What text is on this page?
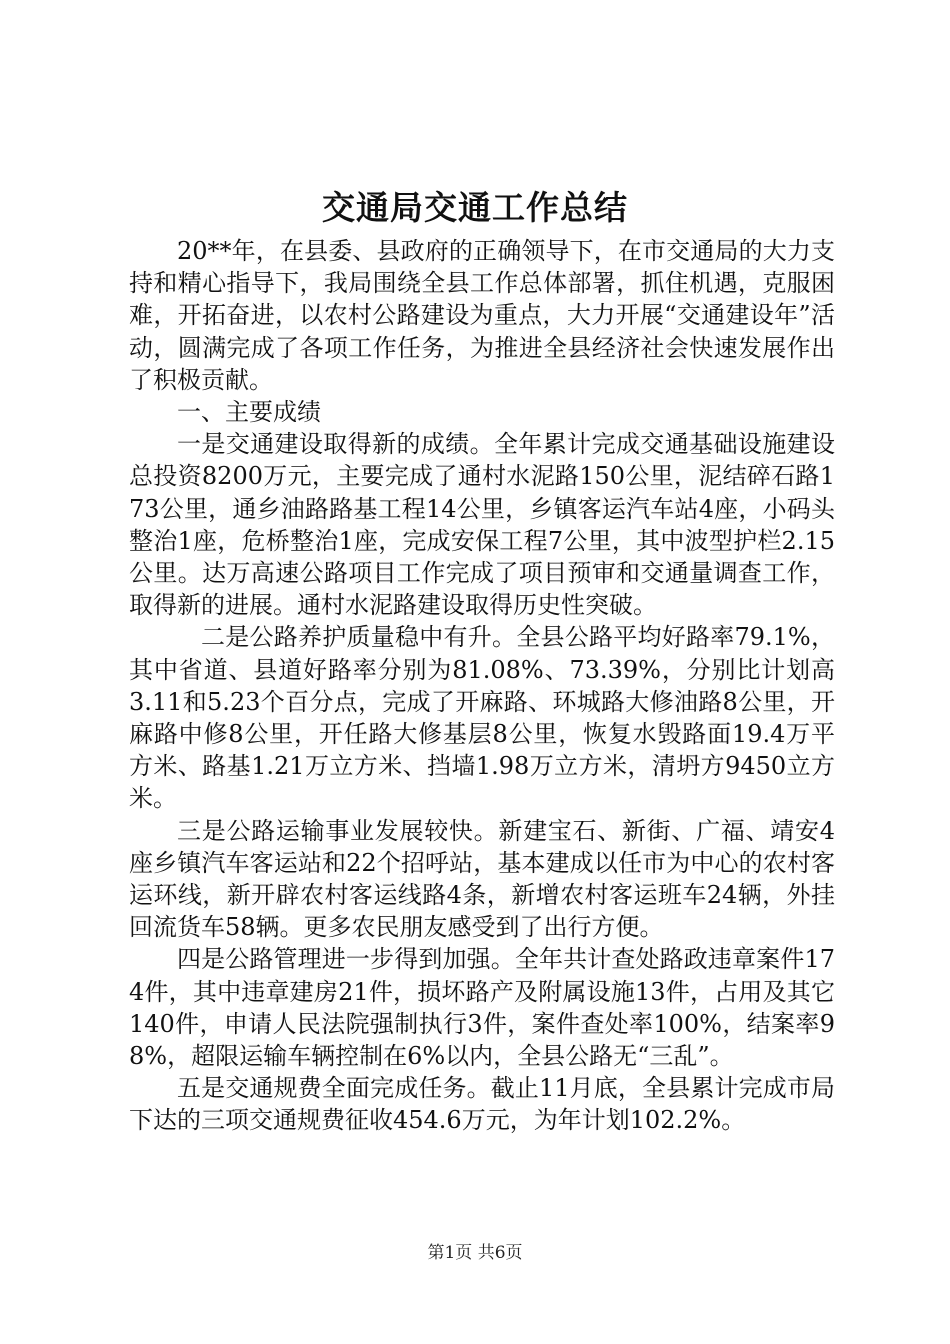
交通局交通工作总结

20**年，在县委、县政府的正确领导下，在市交通局的大力支持和精心指导下，我局围绕全县工作总体部署，抓住机遇，克服困难，开拓奋进，以农村公路建设为重点，大力开展“交通建设年”活动，圆满完成了各项工作任务，为推进全县经济社会快速发展作出了积极贡献。

一、主要成绩

一是交通建设取得新的成绩。全年累计完成交通基础设施建设总投资8200万元，主要完成了通村水泥路150公里，泥结碎石路173公里，通乡油路路基工程14公里，乡镇客运汽车站4座，小码头整治1座，危桥整治1座，完成安保工程7公里，其中波型护栏2.15公里。达万高速公路项目工作完成了项目预审和交通量调查工作，取得新的进展。通村水泥路建设取得历史性突破。

二是公路养护质量稳中有升。全县公路平均好路率79.1%，其中省道、县道好路率分别为81.08%、73.39%，分别比计划高3.11和5.23个百分点，完成了开麻路、环城路大修油路8公里，开麻路中修8公里，开任路大修基层8公里，恢复水毁路面19.4万平方米、路基1.21万立方米、挡墙1.98万立方米，清坍方9450立方米。

三是公路运输事业发展较快。新建宝石、新街、广福、靖安4座乡镇汽车客运站和22个招呼站，基本建成以任市为中心的农村客运环线，新开辟农村客运线路4条，新增农村客运班车24辆，外挂回流货车58辆。更多农民朋友感受到了出行方便。

四是公路管理进一步得到加强。全年共计查处路政违章案件174件，其中违章建房21件，损坏路产及附属设施13件，占用及其它140件，申请人民法院强制执行3件，案件查处率100%，结案率98%，超限运输车辆控制在6%以内，全县公路无“三乱”。

五是交通规费全面完成任务。截止11月底，全县累计完成市局下达的三项交通规费征收454.6万元，为年计划102.2%。

第1页 共6页
